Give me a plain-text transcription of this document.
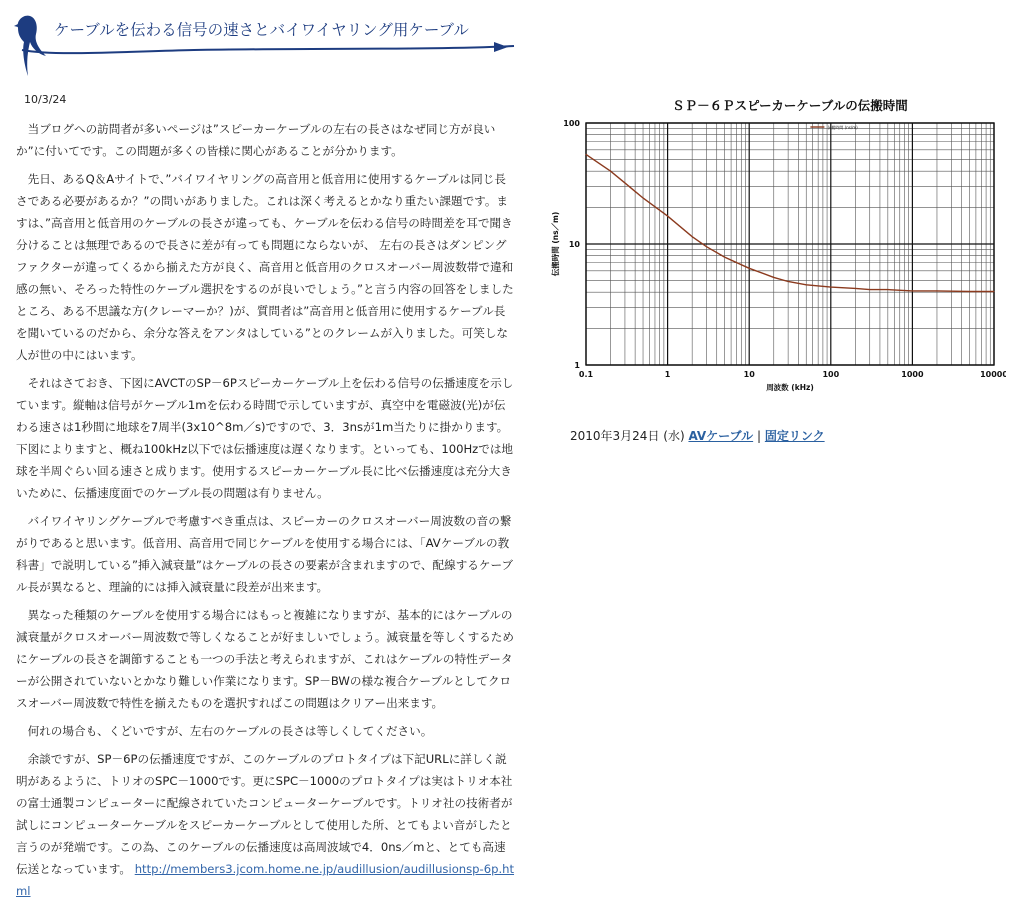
ケーブルを伝わる信号の速さとバイワイヤリング用ケーブル
10/3/24

当ブログへの訪問者が多いページは”スピーカーケーブルの左右の長さはなぜ同じ方が良いか”に付いてです。この問題が多くの皆様に関心があることが分かります。

先日、あるQ＆Aサイトで、”バイワイヤリングの高音用と低音用に使用するケーブルは同じ長さである必要があるか？”の問いがありました。これは深く考えるとかなり重たい課題です。ますは、”高音用と低音用のケーブルの長さが違っても、ケーブルを伝わる信号の時間差を耳で聞き分けることは無理であるので長さに差が有っても問題にならないが、 左右の長さはダンピングファクターが違ってくるから揃えた方が良く、高音用と低音用のクロスオーバー周波数帯で違和感の無い、そろった特性のケーブル選択をするのが良いでしょう。”と言う内容の回答をしましたところ、ある不思議な方(クレーマーか？)が、質問者は”高音用と低音用に使用するケーブル長を聞いているのだから、余分な答えをアンタはしている”とのクレームが入りました。可笑しな人が世の中にはいます。

それはさておき、下図にAVCTのSP－6Pスピーカーケーブル上を伝わる信号の伝播速度を示しています。縦軸は信号がケーブル1mを伝わる時間で示していますが、真空中を電磁波(光)が伝わる速さは1秒間に地球を7周半(3x10^8m／s)ですので、3．3nsが1m当たりに掛かります。下図によりますと、概ね100kHz以下では伝播速度は遅くなります。といっても、100Hzでは地球を半周ぐらい回る速さと成ります。使用するスピーカーケーブル長に比べ伝播速度は充分大きいために、伝播速度面でのケーブル長の問題は有りません。

バイワイヤリングケーブルで考慮すべき重点は、スピーカーのクロスオーバー周波数の音の繋がりであると思います。低音用、高音用で同じケーブルを使用する場合には、「AVケーブルの教科書」で説明している”挿入減衰量”はケーブルの長さの要素が含まれますので、配線するケーブル長が異なると、理論的には挿入減衰量に段差が出来ます。

異なった種類のケーブルを使用する場合にはもっと複雑になりますが、基本的にはケーブルの減衰量がクロスオーバー周波数で等しくなることが好ましいでしょう。減衰量を等しくするためにケーブルの長さを調節することも一つの手法と考えられますが、これはケーブルの特性データーが公開されていないとかなり難しい作業になります。SP－BWの様な複合ケーブルとしてクロスオーバー周波数で特性を揃えたものを選択すればこの問題はクリアー出来ます。

何れの場合も、くどいですが、左右のケーブルの長さは等しくしてください。

余談ですが、SP－6Pの伝播速度ですが、このケーブルのプロトタイプは下記URLに詳しく説明があるように、トリオのSPC－1000です。更にSPC－1000のプロトタイプは実はトリオ本社の富士通製コンピューターに配線されていたコンピューターケーブルです。トリオ社の技術者が試しにコンピューターケーブルをスピーカーケーブルとして使用した所、とてもよい音がしたと言うのが発端です。この為、このケーブルの伝播速度は高周波域で4．0ns／mと、とても高速伝送となっています。 http://members3.jcom.home.ne.jp/audillusion/audillusionsp-6p.html

ＳＰ－６Ｐスピーカーケーブルの伝搬時間
0.1	1	10	100	1000	10000
1
10
100
周波数 (kHz)
伝搬時間 (ns／m)
伝搬時間 (ns/m)
2010年3月24日 (水) AVケーブル | 固定リンク
